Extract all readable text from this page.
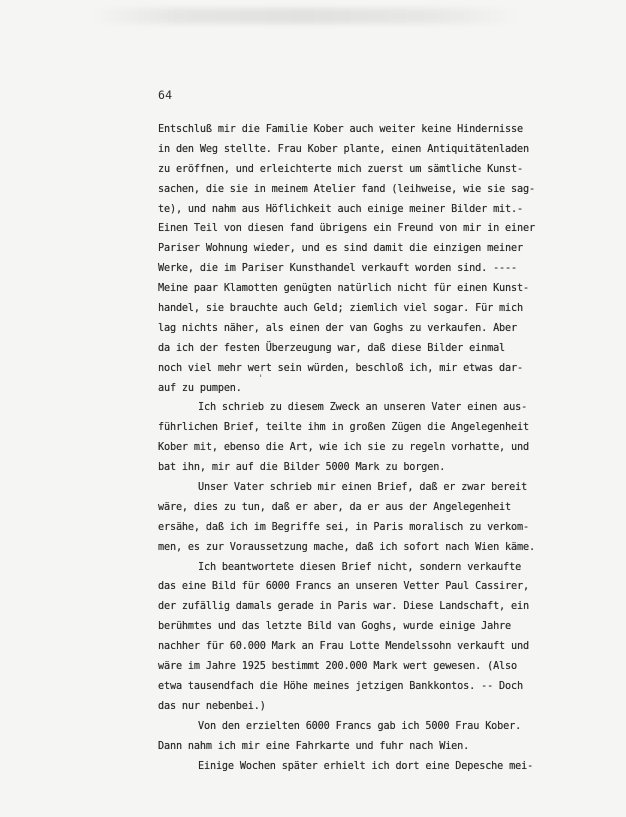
64
'
Entschluß mir die Familie Kober auch weiter keine Hindernisse
in den Weg stellte. Frau Kober plante, einen Antiquitätenladen
zu eröffnen, und erleichterte mich zuerst um sämtliche Kunst-
sachen, die sie in meinem Atelier fand (leihweise, wie sie sag-
te), und nahm aus Höflichkeit auch einige meiner Bilder mit.-
Einen Teil von diesen fand übrigens ein Freund von mir in einer
Pariser Wohnung wieder, und es sind damit die einzigen meiner
Werke, die im Pariser Kunsthandel verkauft worden sind. ----
Meine paar Klamotten genügten natürlich nicht für einen Kunst-
handel, sie brauchte auch Geld; ziemlich viel sogar. Für mich
lag nichts näher, als einen der van Goghs zu verkaufen. Aber
da ich der festen Überzeugung war, daß diese Bilder einmal
noch viel mehr wert sein würden, beschloß ich, mir etwas dar-
auf zu pumpen.
Ich schrieb zu diesem Zweck an unseren Vater einen aus-
führlichen Brief, teilte ihm in großen Zügen die Angelegenheit
Kober mit, ebenso die Art, wie ich sie zu regeln vorhatte, und
bat ihn, mir auf die Bilder 5000 Mark zu borgen.
Unser Vater schrieb mir einen Brief, daß er zwar bereit
wäre, dies zu tun, daß er aber, da er aus der Angelegenheit
ersähe, daß ich im Begriffe sei, in Paris moralisch zu verkom-
men, es zur Voraussetzung mache, daß ich sofort nach Wien käme.
Ich beantwortete diesen Brief nicht, sondern verkaufte
das eine Bild für 6000 Francs an unseren Vetter Paul Cassirer,
der zufällig damals gerade in Paris war. Diese Landschaft, ein
berühmtes und das letzte Bild van Goghs, wurde einige Jahre
nachher für 60.000 Mark an Frau Lotte Mendelssohn verkauft und
wäre im Jahre 1925 bestimmt 200.000 Mark wert gewesen. (Also
etwa tausendfach die Höhe meines jetzigen Bankkontos. -- Doch
das nur nebenbei.)
Von den erzielten 6000 Francs gab ich 5000 Frau Kober.
Dann nahm ich mir eine Fahrkarte und fuhr nach Wien.
Einige Wochen später erhielt ich dort eine Depesche mei-
